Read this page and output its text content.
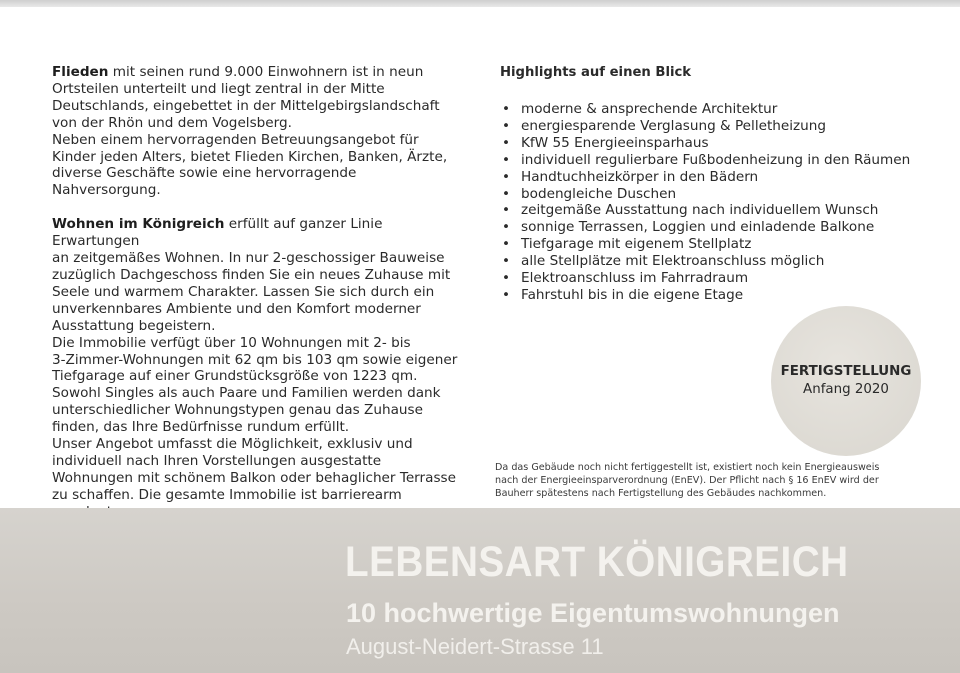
Flieden mit seinen rund 9.000 Einwohnern ist in neun
Ortsteilen unterteilt und liegt zentral in der Mitte
Deutschlands, eingebettet in der Mittelgebirgslandschaft
von der Rhön und dem Vogelsberg.
Neben einem hervorragenden Betreuungsangebot für
Kinder jeden Alters, bietet Flieden Kirchen, Banken, Ärzte,
diverse Geschäfte sowie eine hervorragende Nahversorgung.

Wohnen im Königreich erfüllt auf ganzer Linie Erwartungen
an zeitgemäßes Wohnen. In nur 2-geschossiger Bauweise
zuzüglich Dachgeschoss finden Sie ein neues Zuhause mit
Seele und warmem Charakter. Lassen Sie sich durch ein
unverkennbares Ambiente und den Komfort moderner
Ausstattung begeistern.
Die Immobilie verfügt über 10 Wohnungen mit 2- bis
3-Zimmer-Wohnungen mit 62 qm bis 103 qm sowie eigener
Tiefgarage auf einer Grundstücksgröße von 1223 qm.
Sowohl Singles als auch Paare und Familien werden dank
unterschiedlicher Wohnungstypen genau das Zuhause
finden, das Ihre Bedürfnisse rundum erfüllt.
Unser Angebot umfasst die Möglichkeit, exklusiv und
individuell nach Ihren Vorstellungen ausgestatte
Wohnungen mit schönem Balkon oder behaglicher Terrasse
zu schaffen. Die gesamte Immobilie ist barrierearm

Highlights auf einen Blick

• moderne & ansprechende Architektur
• energiesparende Verglasung & Pelletheizung
• KfW 55 Energieeinsparhaus
• individuell regulierbare Fußbodenheizung in den Räumen
• Handtuchheizkörper in den Bädern
• bodengleiche Duschen
• zeitgemäße Ausstattung nach individuellem Wunsch
• sonnige Terrassen, Loggien und einladende Balkone
• Tiefgarage mit eigenem Stellplatz
• alle Stellplätze mit Elektroanschluss möglich
• Elektroanschluss im Fahrradraum
• Fahrstuhl bis in die eigene Etage
FERTIGSTELLUNG
Anfang 2020
Da das Gebäude noch nicht fertiggestellt ist, existiert noch kein Energieausweis
nach der Energieeinsparverordnung (EnEV). Der Pflicht nach § 16 EnEV wird der
Bauherr spätestens nach Fertigstellung des Gebäudes nachkommen.
LEBENSART KÖNIGREICH
10 hochwertige Eigentumswohnungen
August-Neidert-Strasse 11
